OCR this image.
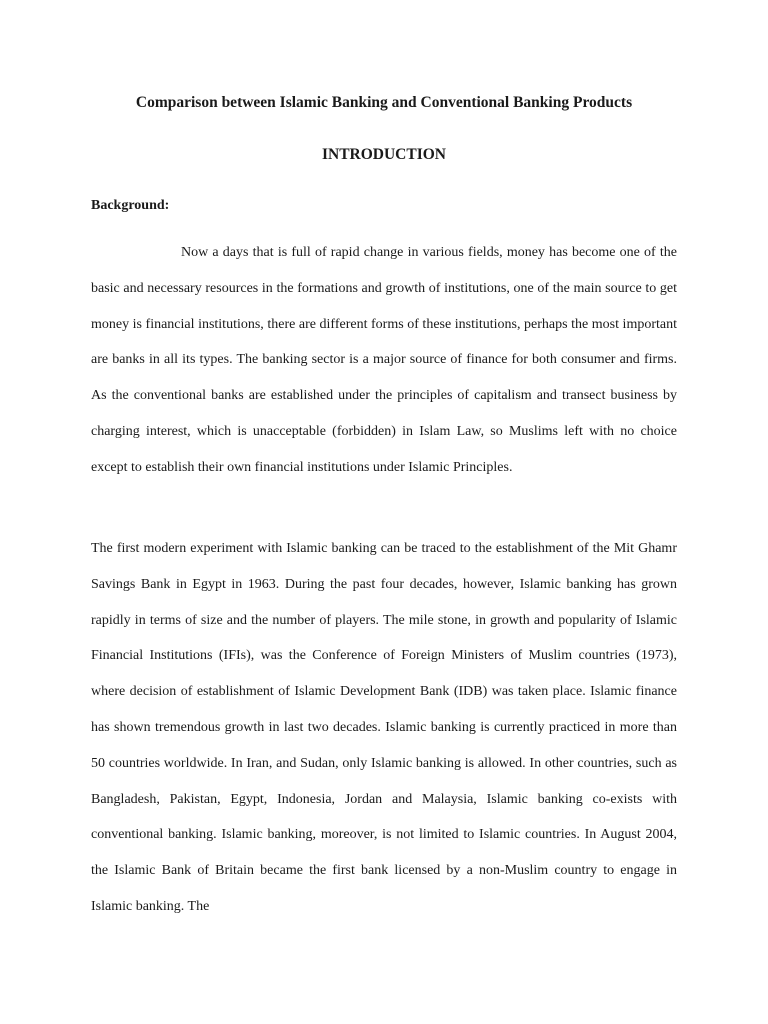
Comparison between Islamic Banking and Conventional Banking Products
INTRODUCTION
Background:

Now a days that is full of rapid change in various fields, money has become one of the basic and necessary resources in the formations and growth of institutions, one of the main source to get money is financial institutions, there are different forms of these institutions, perhaps the most important are banks in all its types. The banking sector is a major source of finance for both consumer and firms. As the conventional banks are established under the principles of capitalism and transect business by charging interest, which is unacceptable (forbidden) in Islam Law, so Muslims left with no choice except to establish their own financial institutions under Islamic Principles.

The first modern experiment with Islamic banking can be traced to the establishment of the Mit Ghamr Savings Bank in Egypt in 1963. During the past four decades, however, Islamic banking has grown rapidly in terms of size and the number of players. The mile stone, in growth and popularity of Islamic Financial Institutions (IFIs), was the Conference of Foreign Ministers of Muslim countries (1973), where decision of establishment of Islamic Development Bank (IDB) was taken place. Islamic finance has shown tremendous growth in last two decades. Islamic banking is currently practiced in more than 50 countries worldwide. In Iran, and Sudan, only Islamic banking is allowed. In other countries, such as Bangladesh, Pakistan, Egypt, Indonesia, Jordan and Malaysia, Islamic banking co-exists with conventional banking. Islamic banking, moreover, is not limited to Islamic countries. In August 2004, the Islamic Bank of Britain became the first bank licensed by a non-Muslim country to engage in Islamic banking. The
